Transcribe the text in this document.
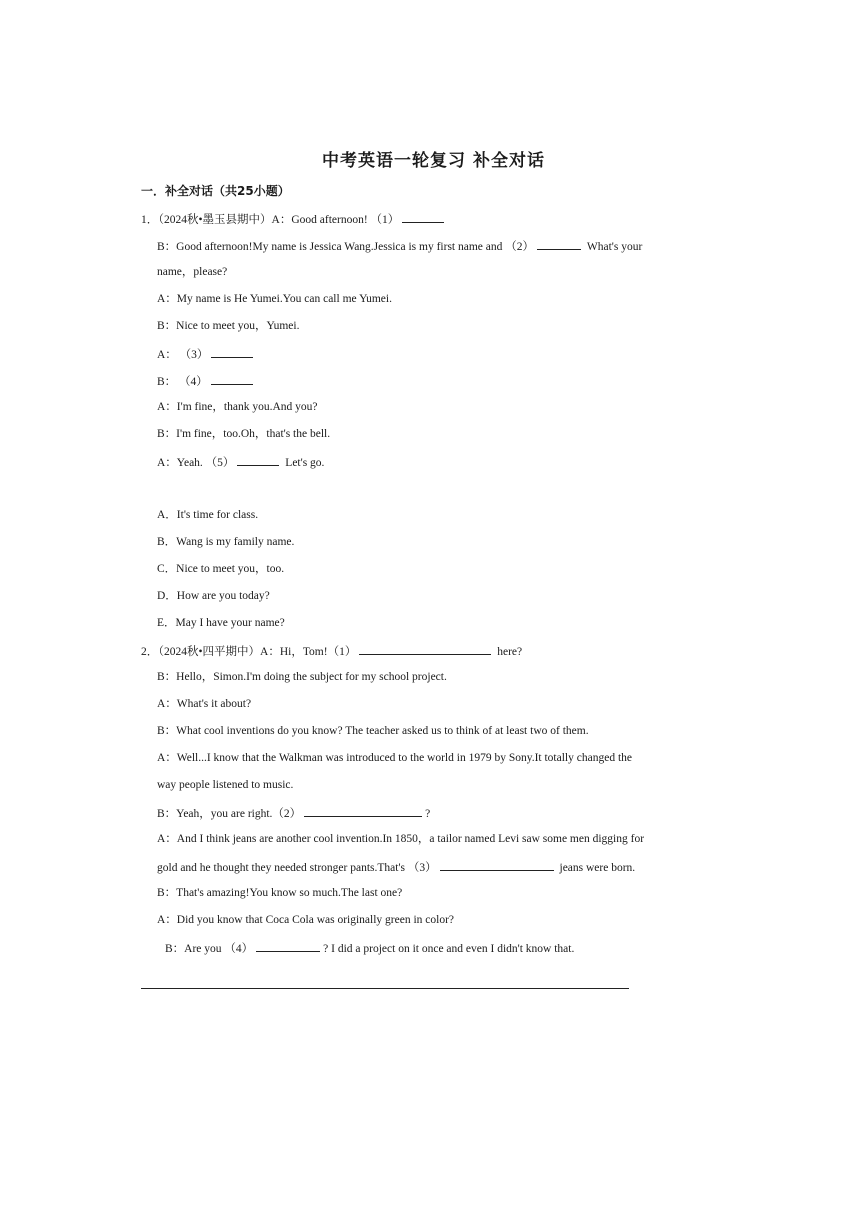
中考英语一轮复习 补全对话
一．补全对话（共25小题）
1．（2024秋•墨玉县期中）A：Good afternoon! （1）
B：Good afternoon!My name is Jessica Wang.Jessica is my first name and （2）	What's your
name，please?
A：My name is He Yumei.You can call me Yumei.
B：Nice to meet you，Yumei.
A： （3）
B： （4）
A：I'm fine，thank you.And you?
B：I'm fine，too.Oh，that's the bell.
A：Yeah. （5）	Let's go.
A．It's time for class.
B．Wang is my family name.
C．Nice to meet you，too.
D．How are you today?
E．May I have your name?
2．（2024秋•四平期中）A：Hi，Tom!（1）	here?
B：Hello，Simon.I'm doing the subject for my school project.
A：What's it about?
B：What cool inventions do you know? The teacher asked us to think of at least two of them.
A：Well...I know that the Walkman was introduced to the world in 1979 by Sony.It totally changed the
way people listened to music.
B：Yeah，you are right.（2）	?
A：And I think jeans are another cool invention.In 1850，a tailor named Levi saw some men digging for
gold and he thought they needed stronger pants.That's （3）	jeans were born.
B：That's amazing!You know so much.The last one?
A：Did you know that Coca Cola was originally green in color?
B：Are you （4）	? I did a project on it once and even I didn't know that.
